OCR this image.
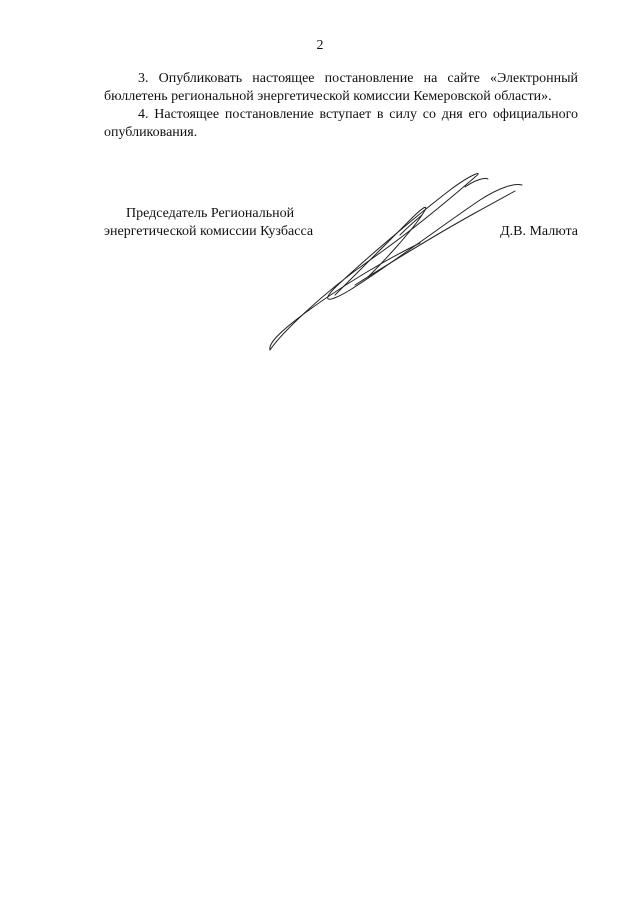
2

3. Опубликовать настоящее постановление на сайте «Электронный бюллетень региональной энергетической комиссии Кемеровской области».

4. Настоящее постановление вступает в силу со дня его официального опубликования.

Председатель Региональной
энергетической комиссии Кузбасса	Д.В. Малюта
